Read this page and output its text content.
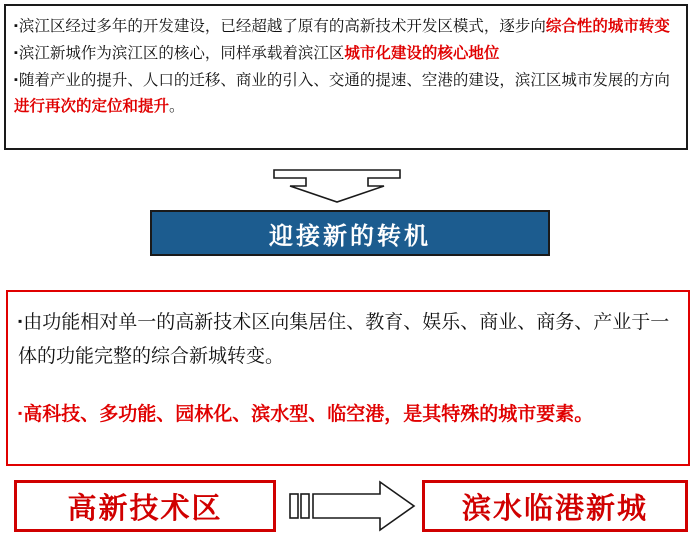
▪滨江区经过多年的开发建设，已经超越了原有的高新技术开发区模式，逐步向综合性的城市转变
▪滨江新城作为滨江区的核心，同样承载着滨江区城市化建设的核心地位
▪随着产业的提升、人口的迁移、商业的引入、交通的提速、空港的建设，滨江区城市发展的方向进行再次的定位和提升。
迎接新的转机
▪由功能相对单一的高新技术区向集居住、教育、娱乐、商业、商务、产业于一体的功能完整的综合新城转变。
▪高科技、多功能、园林化、滨水型、临空港，是其特殊的城市要素。
高新技术区	滨水临港新城
